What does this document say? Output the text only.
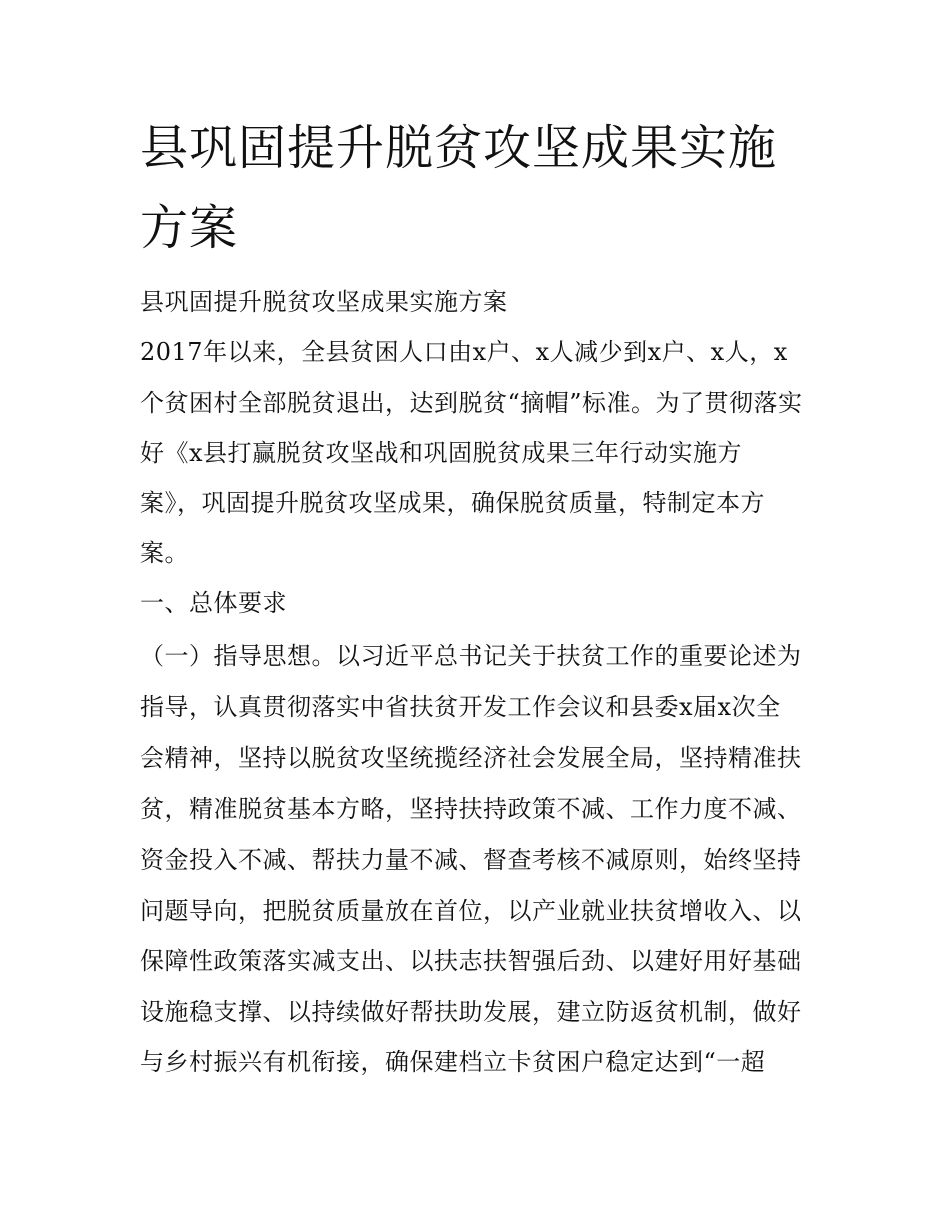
县巩固提升脱贫攻坚成果实施方案

县巩固提升脱贫攻坚成果实施方案

2017年以来，全县贫困人口由x户、x人减少到x户、x人，x

个贫困村全部脱贫退出，达到脱贫“摘帽”标准。为了贯彻落实

好《x县打赢脱贫攻坚战和巩固脱贫成果三年行动实施方

案》，巩固提升脱贫攻坚成果，确保脱贫质量，特制定本方

案。

一、总体要求

（一）指导思想。以习近平总书记关于扶贫工作的重要论述为

指导，认真贯彻落实中省扶贫开发工作会议和县委x届x次全

会精神，坚持以脱贫攻坚统揽经济社会发展全局，坚持精准扶

贫，精准脱贫基本方略，坚持扶持政策不减、工作力度不减、

资金投入不减、帮扶力量不减、督查考核不减原则，始终坚持

问题导向，把脱贫质量放在首位，以产业就业扶贫增收入、以

保障性政策落实减支出、以扶志扶智强后劲、以建好用好基础

设施稳支撑、以持续做好帮扶助发展，建立防返贫机制，做好

与乡村振兴有机衔接，确保建档立卡贫困户稳定达到“一超
